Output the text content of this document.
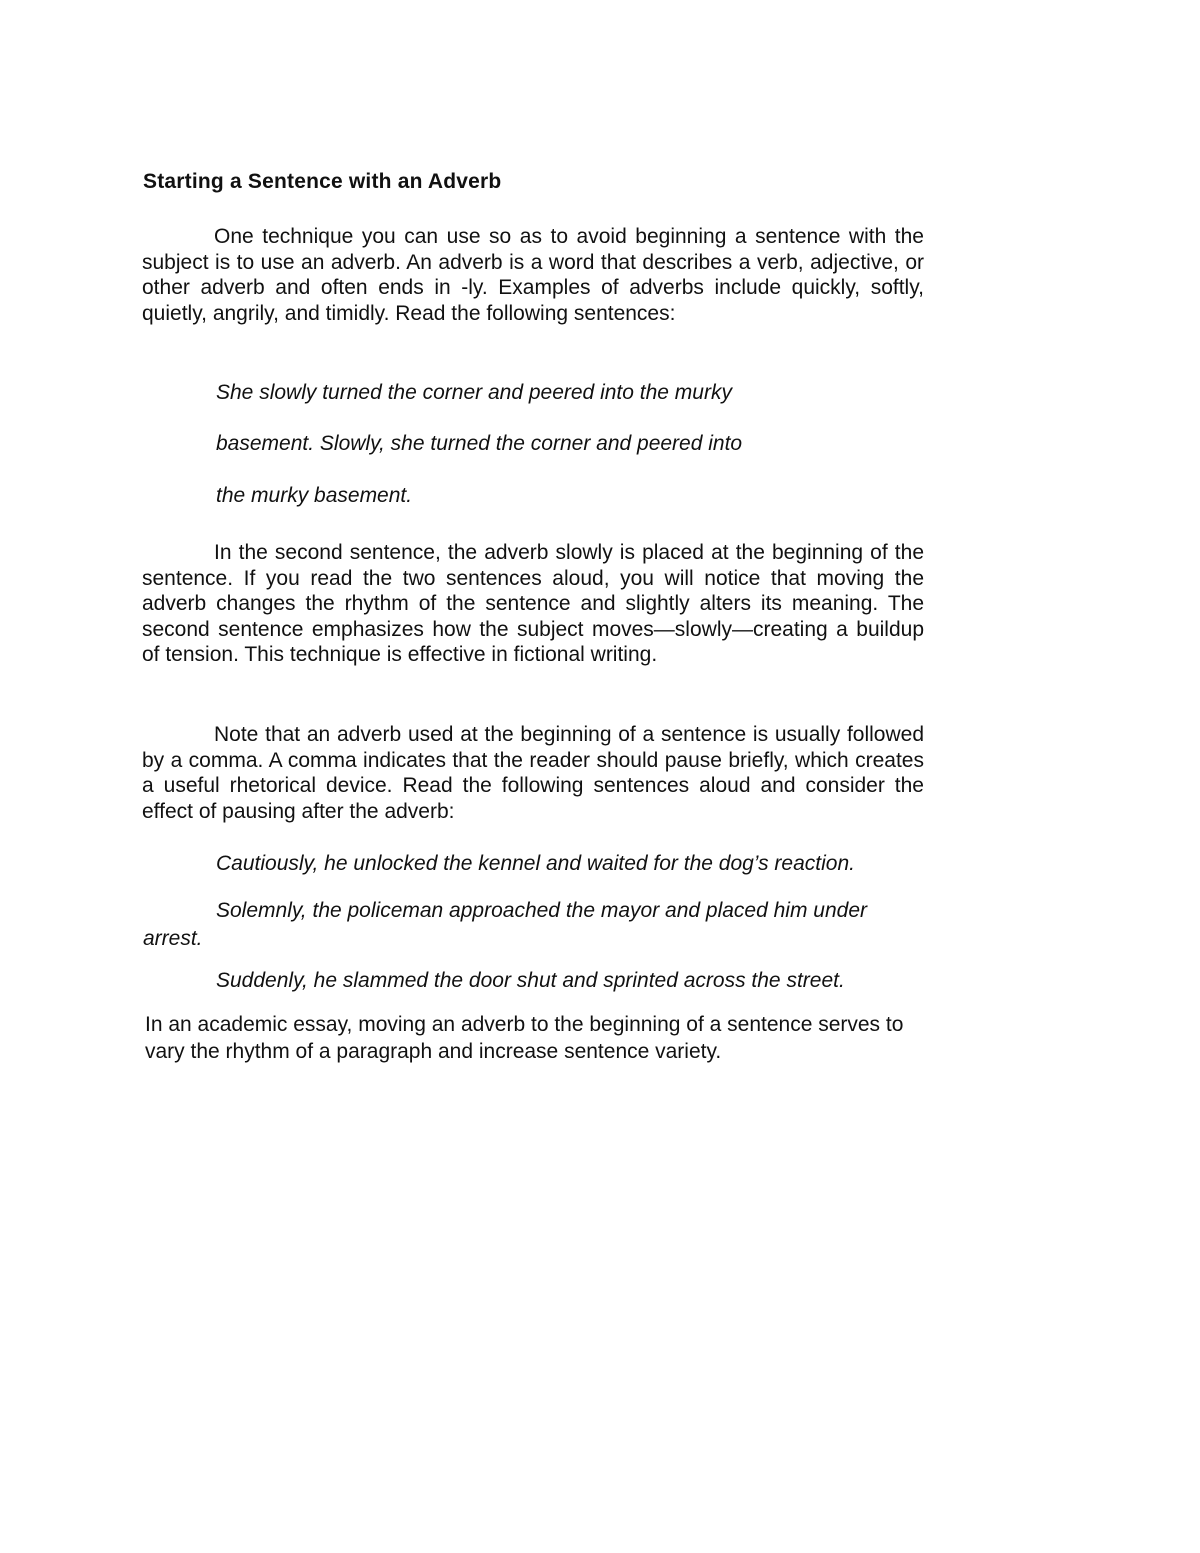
Starting a Sentence with an Adverb

One technique you can use so as to avoid beginning a sentence with the subject is to use an adverb. An adverb is a word that describes a verb, adjective, or other adverb and often ends in -ly. Examples of adverbs include quickly, softly, quietly, angrily, and timidly. Read the following sentences:

She slowly turned the corner and peered into the murky

basement. Slowly, she turned the corner and peered into

the murky basement.

In the second sentence, the adverb slowly is placed at the beginning of the sentence. If you read the two sentences aloud, you will notice that moving the adverb changes the rhythm of the sentence and slightly alters its meaning. The second sentence emphasizes how the subject moves—slowly—creating a buildup of tension. This technique is effective in fictional writing.

Note that an adverb used at the beginning of a sentence is usually followed by a comma. A comma indicates that the reader should pause briefly, which creates a useful rhetorical device. Read the following sentences aloud and consider the effect of pausing after the adverb:

Cautiously, he unlocked the kennel and waited for the dog’s reaction.

Solemnly, the policeman approached the mayor and placed him under arrest.

Suddenly, he slammed the door shut and sprinted across the street.

In an academic essay, moving an adverb to the beginning of a sentence serves to vary the rhythm of a paragraph and increase sentence variety.
